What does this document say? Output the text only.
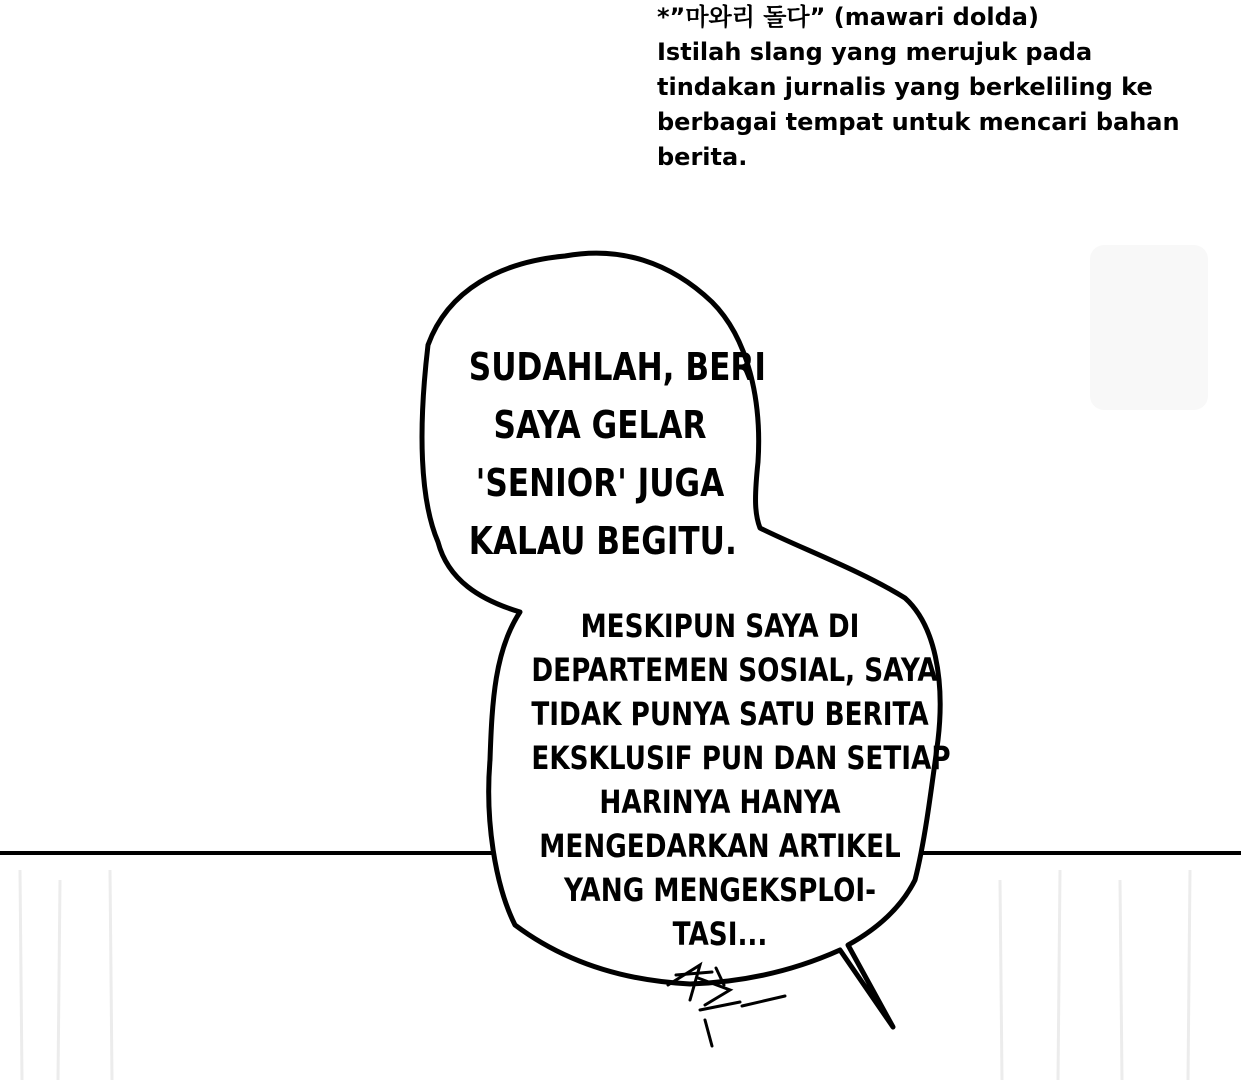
*”마와리 돌다” (mawari dolda)
Istilah slang yang merujuk pada
tindakan jurnalis yang berkeliling ke
berbagai tempat untuk mencari bahan
berita.
SUDAHLAH, BERI
SAYA GELAR
'SENIOR' JUGA
KALAU BEGITU.
MESKIPUN SAYA DI
DEPARTEMEN SOSIAL, SAYA
TIDAK PUNYA SATU BERITA
EKSKLUSIF PUN DAN SETIAP
HARINYA HANYA
MENGEDARKAN ARTIKEL
YANG MENGEKSPLOI-
TASI...
